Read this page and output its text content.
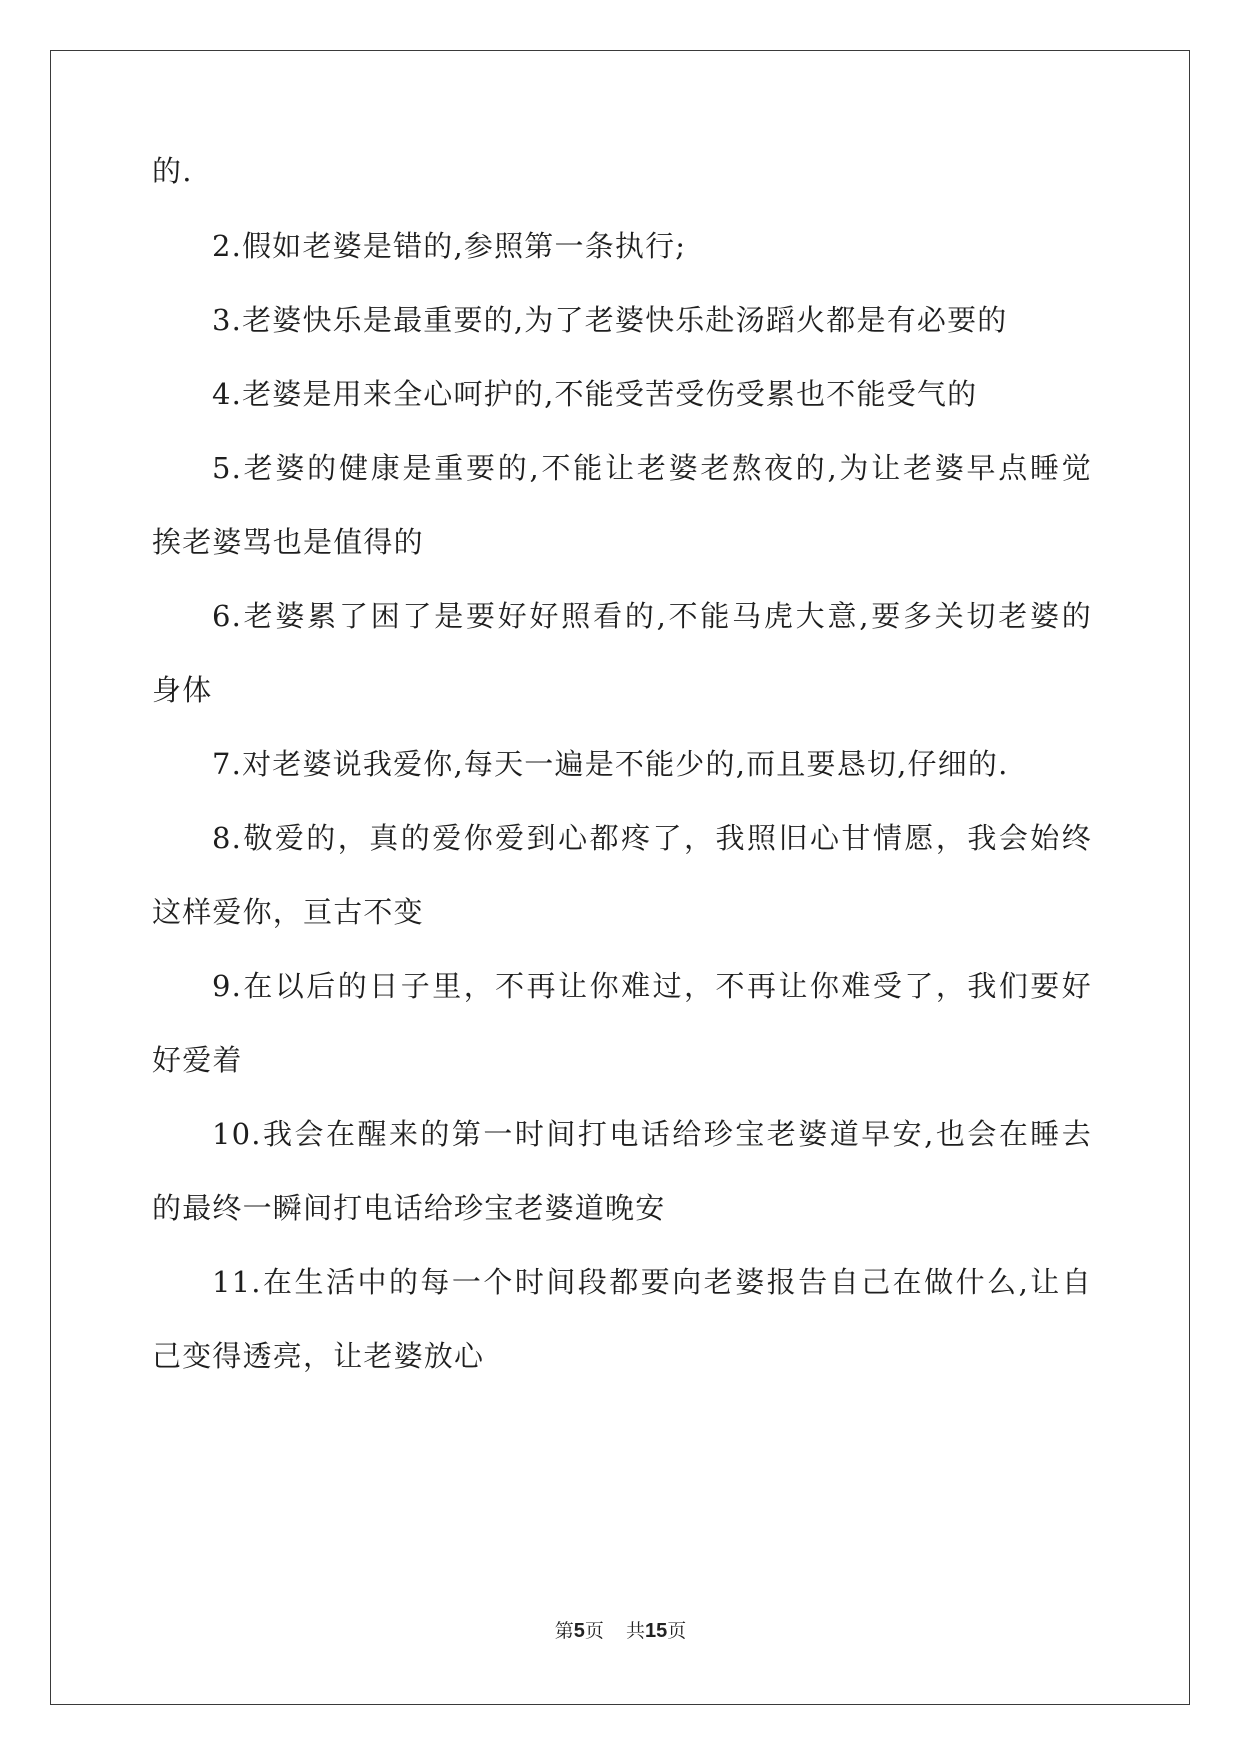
的.
2.假如老婆是错的,参照第一条执行;
3.老婆快乐是最重要的,为了老婆快乐赴汤蹈火都是有必要的
4.老婆是用来全心呵护的,不能受苦受伤受累也不能受气的
5.老婆的健康是重要的,不能让老婆老熬夜的,为让老婆早点睡觉
挨老婆骂也是值得的
6.老婆累了困了是要好好照看的,不能马虎大意,要多关切老婆的
身体
7.对老婆说我爱你,每天一遍是不能少的,而且要恳切,仔细的.
8.敬爱的，真的爱你爱到心都疼了，我照旧心甘情愿，我会始终
这样爱你，亘古不变
9.在以后的日子里，不再让你难过，不再让你难受了，我们要好
好爱着
10.我会在醒来的第一时间打电话给珍宝老婆道早安,也会在睡去
的最终一瞬间打电话给珍宝老婆道晚安
11.在生活中的每一个时间段都要向老婆报告自己在做什么,让自
己变得透亮，让老婆放心
第5页 共15页
